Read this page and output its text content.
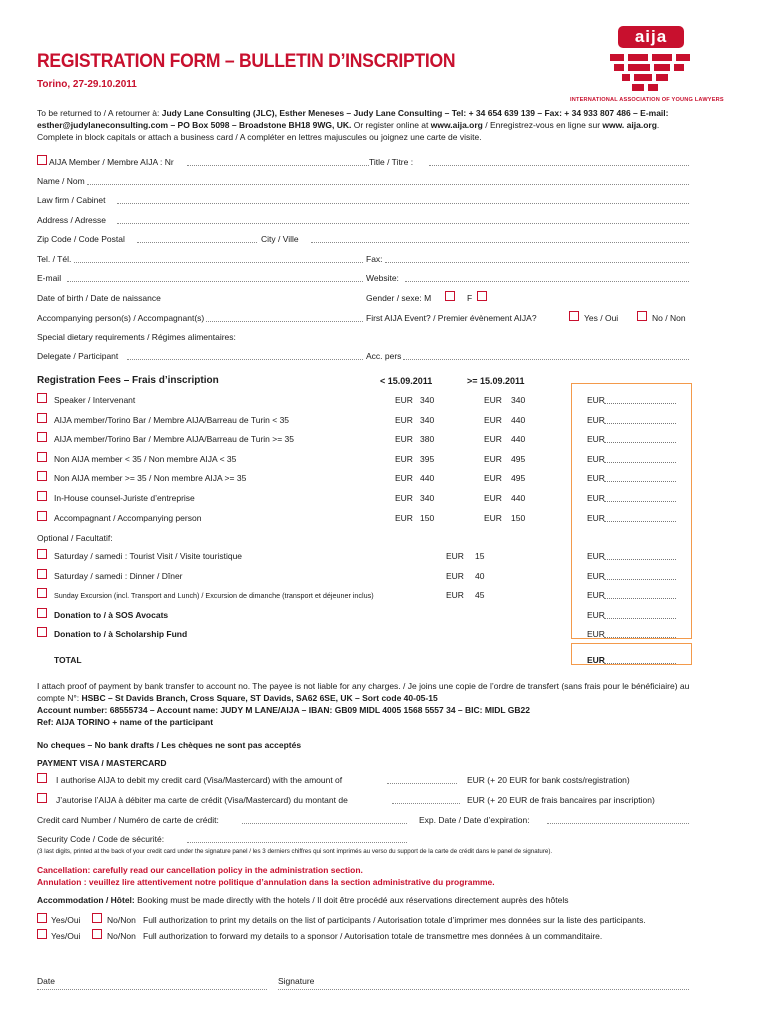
REGISTRATION FORM – BULLETIN D’INSCRIPTION
Torino, 27-29.10.2011
aija
INTERNATIONAL ASSOCIATION OF YOUNG LAWYERS
To be returned to / A retourner à: Judy Lane Consulting (JLC), Esther Meneses – Judy Lane Consulting – Tel: + 34 654 639 139 – Fax: + 34 933 807 486 – E-mail: esther@judylaneconsulting.com – PO Box 5098 – Broadstone BH18 9WG, UK. Or register online at www.aija.org / Enregistrez-vous en ligne sur www. aija.org. Complete in block capitals or attach a business card / A compléter en lettres majuscules ou joignez une carte de visite.
AIJA Member / Membre AIJA : Nr	Title / Titre :
Name / Nom
Law firm / Cabinet
Address / Adresse
Zip Code / Code Postal	City / Ville
Tel. / Tél.	Fax:
E-mail	Website:
Date of birth / Date de naissance	Gender / sexe: M	F
Accompanying person(s) / Accompagnant(s)	First AIJA Event? / Premier évènement AIJA?	Yes / Oui	No / Non
Special dietary requirements / Régimes alimentaires:
Delegate / Participant	Acc. pers
Registration Fees – Frais d’inscription	< 15.09.2011	>= 15.09.2011
Speaker / Intervenant	EUR 340	EUR 340	EUR
AIJA member/Torino Bar / Membre AIJA/Barreau de Turin < 35	EUR 340	EUR 440	EUR
AIJA member/Torino Bar / Membre AIJA/Barreau de Turin >= 35	EUR 380	EUR 440	EUR
Non AIJA member < 35 / Non membre AIJA < 35	EUR 395	EUR 495	EUR
Non AIJA member >= 35 / Non membre AIJA >= 35	EUR 440	EUR 495	EUR
In-House counsel-Juriste d’entreprise	EUR 340	EUR 440	EUR
Accompagnant / Accompanying person	EUR 150	EUR 150	EUR
Optional / Facultatif:
Saturday / samedi : Tourist Visit / Visite touristique	EUR 15	EUR
Saturday / samedi : Dinner / Dîner	EUR 40	EUR
Sunday Excursion (incl. Transport and Lunch) / Excursion de dimanche (transport et déjeuner inclus)	EUR 45	EUR
Donation to / à SOS Avocats	EUR
Donation to / à Scholarship Fund	EUR
TOTAL	EUR
I attach proof of payment by bank transfer to account no. The payee is not liable for any charges. / Je joins une copie de l’ordre de transfert (sans frais pour le bénéficiaire) au compte N°: HSBC – St Davids Branch, Cross Square, ST Davids, SA62 6SE, UK – Sort code 40-05-15
Account number: 68555734 – Account name: JUDY M LANE/AIJA – IBAN: GB09 MIDL 4005 1568 5557 34 – BIC: MIDL GB22
Ref: AIJA TORINO + name of the participant
No cheques – No bank drafts / Les chèques ne sont pas acceptés
PAYMENT VISA / MASTERCARD
I authorise AIJA to debit my credit card (Visa/Mastercard) with the amount of	EUR (+ 20 EUR for bank costs/registration)
J’autorise l’AIJA à débiter ma carte de crédit (Visa/Mastercard) du montant de	EUR (+ 20 EUR de frais bancaires par inscription)
Credit card Number / Numéro de carte de crédit:	Exp. Date / Date d’expiration:
Security Code / Code de sécurité:
(3 last digits, printed at the back of your credit card under the signature panel / les 3 derniers chiffres qui sont imprimés au verso du support de la carte de crédit dans le panel de signature).
Cancellation: carefully read our cancellation policy in the administration section.
Annulation : veuillez lire attentivement notre politique d’annulation dans la section administrative du programme.
Accommodation / Hôtel: Booking must be made directly with the hotels / Il doit être procédé aux réservations directement auprès des hôtels
Yes/Oui	No/Non Full authorization to print my details on the list of participants / Autorisation totale d’imprimer mes données sur la liste des participants.
Yes/Oui	No/Non Full authorization to forward my details to a sponsor / Autorisation totale de transmettre mes données à un commanditaire.
Date	Signature
